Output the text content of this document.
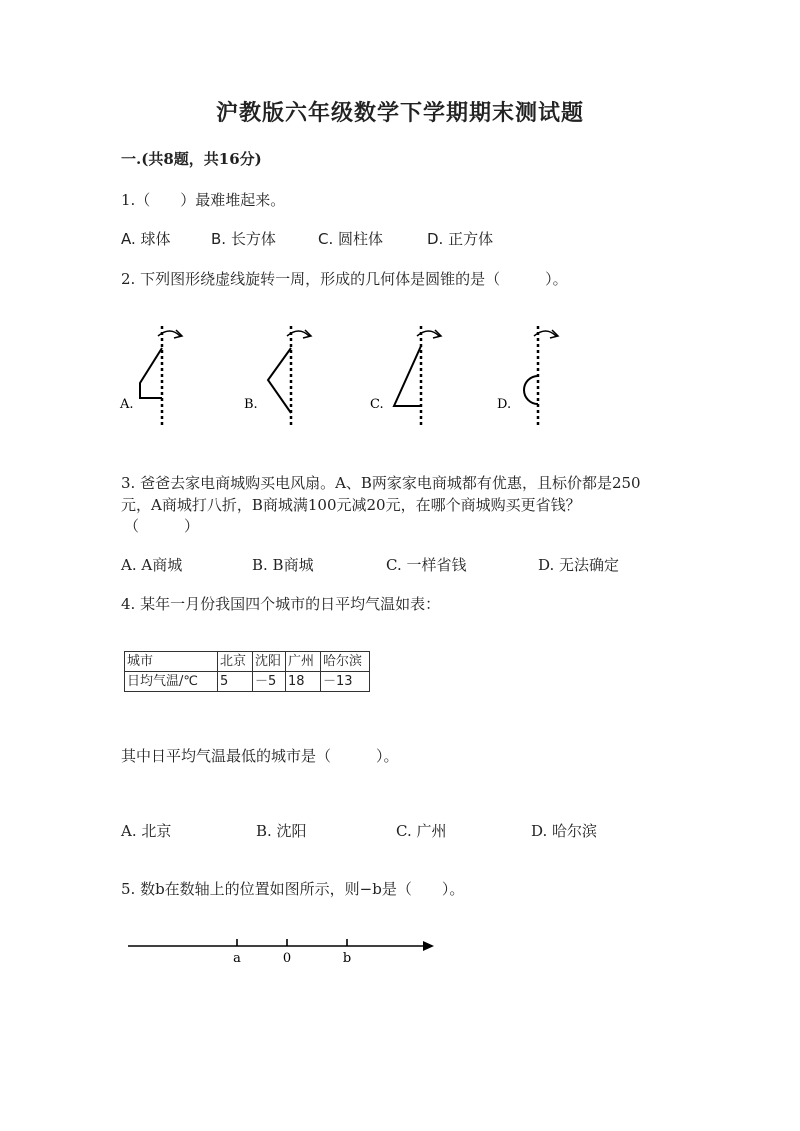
沪教版六年级数学下学期期末测试题
一.(共8题，共16分)
1.（　　）最难堆起来。
A. 球体	B. 长方体	C. 圆柱体	D. 正方体
2. 下列图形绕虚线旋转一周，形成的几何体是圆锥的是（　　　）。
A.	B.	C.	D.
3. 爸爸去家电商城购买电风扇。A、B两家家电商城都有优惠，且标价都是250
元，A商城打八折，B商城满100元减20元，在哪个商城购买更省钱？
（　　　）
A. A商城	B. B商城	C. 一样省钱	D. 无法确定
4. 某年一月份我国四个城市的日平均气温如表：
城市	北京	沈阳	广州	哈尔滨
日均气温/℃	5	－5	18	－13
其中日平均气温最低的城市是（　　　）。
A. 北京	B. 沈阳	C. 广州	D. 哈尔滨
5. 数b在数轴上的位置如图所示，则−b是（　　）。
a	0	b
